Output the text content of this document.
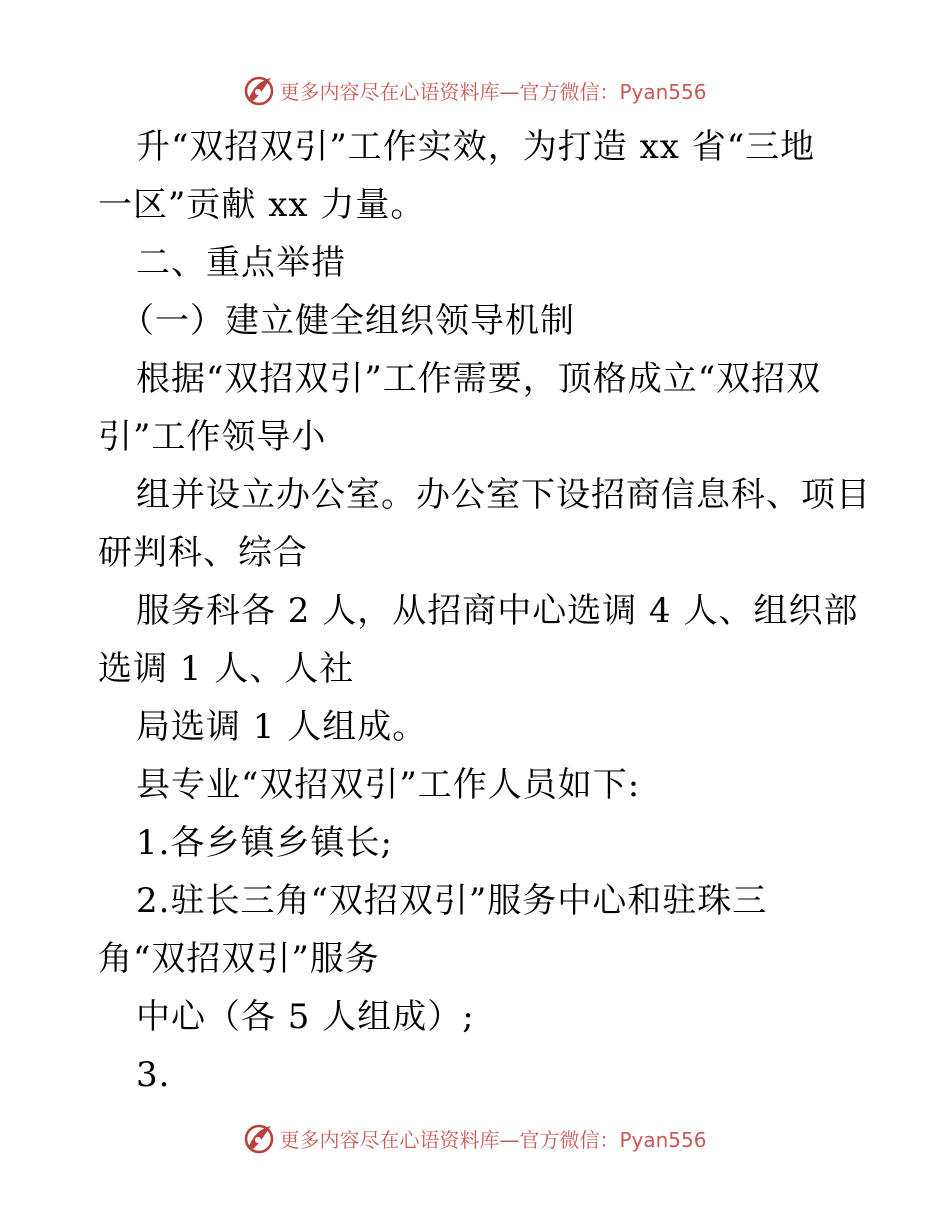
更多内容尽在心语资料库—官方微信：Pyan556
升“双招双引”工作实效，为打造 xx 省“三地
一区”贡献 xx 力量。
二、重点举措
（一）建立健全组织领导机制
根据“双招双引”工作需要，顶格成立“双招双
引”工作领导小
组并设立办公室。办公室下设招商信息科、项目
研判科、综合
服务科各 2 人，从招商中心选调 4 人、组织部
选调 1 人、人社
局选调 1 人组成。
县专业“双招双引”工作人员如下:
1.各乡镇乡镇长;
2.驻长三角“双招双引”服务中心和驻珠三
角“双招双引”服务
中心（各 5 人组成）;
3.
更多内容尽在心语资料库—官方微信：Pyan556
